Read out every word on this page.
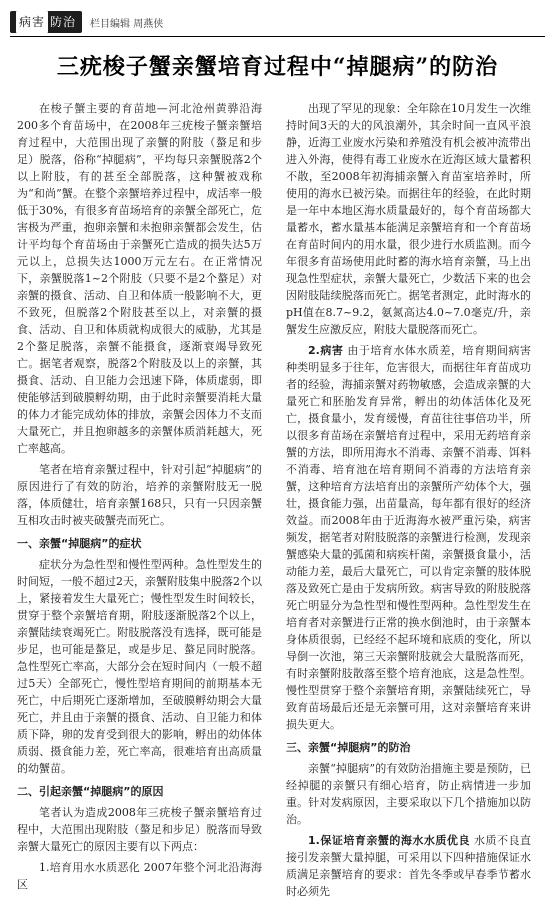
病害 防治 栏目编辑 周燕侠
三疣梭子蟹亲蟹培育过程中“掉腿病”的防治

在梭子蟹主要的育苗地—河北沧州黄骅沿海200多个育苗场中，在2008年三疣梭子蟹亲蟹培育过程中，大范围出现了亲蟹的附肢（螯足和步足）脱落，俗称“掉腿病”，平均每只亲蟹脱落2个以上附肢，有的甚至全部脱落，这种蟹被戏称为“和尚”蟹。在整个亲蟹培养过程中，成活率一般低于30%，有很多育苗场培育的亲蟹全部死亡，危害极为严重，抱卵亲蟹和未抱卵亲蟹都会发生，估计平均每个育苗场由于亲蟹死亡造成的损失达5万元以上，总损失达1000万元左右。在正常情况下，亲蟹脱落1~2个附肢（只要不是2个螯足）对亲蟹的摄食、活动、自卫和体质一般影响不大，更不致死，但脱落2个附肢甚至以上，对亲蟹的摄食、活动、自卫和体质就构成很大的威胁，尤其是2个螯足脱落，亲蟹不能摄食，逐渐衰竭导致死亡。据笔者观察，脱落2个附肢及以上的亲蟹，其摄食、活动、自卫能力会迅速下降，体质虚弱，即使能够活到破膜孵幼期，由于此时亲蟹要消耗大量的体力才能完成幼体的排放，亲蟹会因体力不支而大量死亡，并且抱卵越多的亲蟹体质消耗越大，死亡率越高。

笔者在培育亲蟹过程中，针对引起“掉腿病”的原因进行了有效的防治，培养的亲蟹附肢无一脱落，体质健壮，培育亲蟹168只，只有一只因亲蟹互相攻击时被夹破蟹壳而死亡。

一、亲蟹“掉腿病”的症状

症状分为急性型和慢性型两种。急性型发生的时间短，一般不超过2天，亲蟹附肢集中脱落2个以上，紧接着发生大量死亡；慢性型发生时间较长，贯穿于整个亲蟹培育期，附肢逐渐脱落2个以上，亲蟹陆续衰竭死亡。附肢脱落没有选择，既可能是步足，也可能是螯足，或是步足、螯足同时脱落。急性型死亡率高，大部分会在短时间内（一般不超过5天）全部死亡，慢性型培育期间的前期基本无死亡，中后期死亡逐渐增加，至破膜孵幼期会大量死亡，并且由于亲蟹的摄食、活动、自卫能力和体质下降，卵的发育受到很大的影响，孵出的幼体体质弱、摄食能力差，死亡率高，很难培育出高质量的幼蟹苗。

二、引起亲蟹“掉腿病”的原因

笔者认为造成2008年三疣梭子蟹亲蟹培育过程中，大范围出现附肢（螯足和步足）脱落而导致亲蟹大量死亡的原因主要有以下两点：

1.培育用水水质恶化 2007年整个河北沿海海区

出现了罕见的现象：全年除在10月发生一次维持时间3天的大的风浪潮外，其余时间一直风平浪静，近海工业废水污染和养殖没有机会被冲流带出进入外海，使得有毒工业废水在近海区域大量蓄积不散，至2008年初海捕亲蟹入育苗室培养时，所使用的海水已被污染。而据往年的经验，在此时期是一年中本地区海水质量最好的，每个育苗场都大量蓄水，蓄水量基本能满足亲蟹培育和一个育苗场在育苗时间内的用水量，很少进行水质监测。而今年很多育苗场使用此时蓄的海水培育亲蟹，马上出现急性型症状，亲蟹大量死亡，少数活下来的也会因附肢陆续脱落而死亡。据笔者测定，此时海水的pH值在8.7~9.2，氨氮高达4.0~7.0毫克/升，亲蟹发生应激反应，附肢大量脱落而死亡。

2.病害 由于培育水体水质差，培育期间病害种类明显多于往年，危害很大，而据往年育苗成功者的经验，海捕亲蟹对药物敏感，会造成亲蟹的大量死亡和胚胎发育异常，孵出的幼体活体化及死亡，摄食量小，发育缓慢，育苗往往事倍功半，所以很多育苗场在亲蟹培育过程中，采用无药培育亲蟹的方法，即所用海水不消毒、亲蟹不消毒、饵料不消毒、培育池在培育期间不消毒的方法培育亲蟹，这种培育方法培育出的亲蟹所产幼体个大，强壮，摄食能力强，出苗量高，每年都有很好的经济效益。而2008年由于近海海水被严重污染，病害频发，据笔者对附肢脱落的亲蟹进行检测，发现亲蟹感染大量的弧菌和病疾杆菌，亲蟹摄食量小，活动能力差，最后大量死亡，可以肯定亲蟹的肢体脱落及致死亡是由于发病所致。病害导致的附肢脱落死亡明显分为急性型和慢性型两种。急性型发生在培育者对亲蟹进行正常的换水倒池时，由于亲蟹本身体质很弱，已经经不起环境和底质的变化，所以导倒一次池，第三天亲蟹附肢就会大量脱落而死，有时亲蟹附肢散落至整个培育池底，这是急性型。慢性型贯穿于整个亲蟹培育期，亲蟹陆续死亡，导致育苗场最后还是无亲蟹可用，这对亲蟹培育来讲损失更大。

三、亲蟹“掉腿病”的防治

亲蟹“掉腿病”的有效防治措施主要是预防，已经掉腿的亲蟹只有细心培育，防止病情进一步加重。针对发病原因，主要采取以下几个措施加以防治。

1.保证培育亲蟹的海水水质优良 水质不良直接引发亲蟹大量掉腿，可采用以下四种措施保证水质满足亲蟹培育的要求：首先冬季或早春季节蓄水时必须先
